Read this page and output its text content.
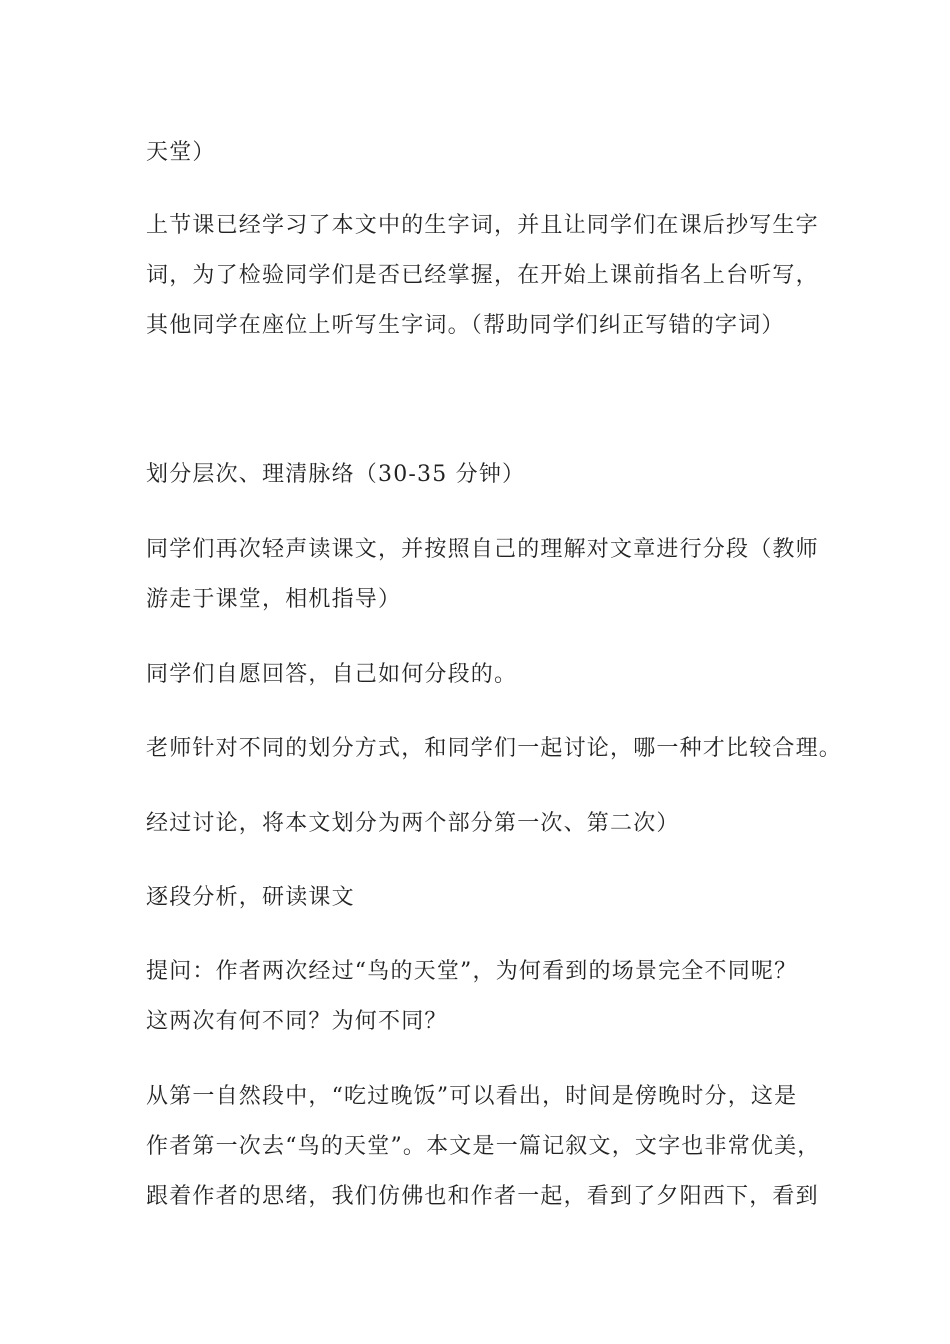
天堂）
上节课已经学习了本文中的生字词，并且让同学们在课后抄写生字
词，为了检验同学们是否已经掌握，在开始上课前指名上台听写，
其他同学在座位上听写生字词。（帮助同学们纠正写错的字词）
划分层次、理清脉络（30-35 分钟）
同学们再次轻声读课文，并按照自己的理解对文章进行分段（教师
游走于课堂，相机指导）
同学们自愿回答，自己如何分段的。
老师针对不同的划分方式，和同学们一起讨论，哪一种才比较合理。
经过讨论，将本文划分为两个部分第一次、第二次）
逐段分析，研读课文
提问：作者两次经过“鸟的天堂”，为何看到的场景完全不同呢？
这两次有何不同？为何不同？
从第一自然段中，“吃过晚饭”可以看出，时间是傍晚时分，这是
作者第一次去“鸟的天堂”。本文是一篇记叙文，文字也非常优美，
跟着作者的思绪，我们仿佛也和作者一起，看到了夕阳西下，看到
